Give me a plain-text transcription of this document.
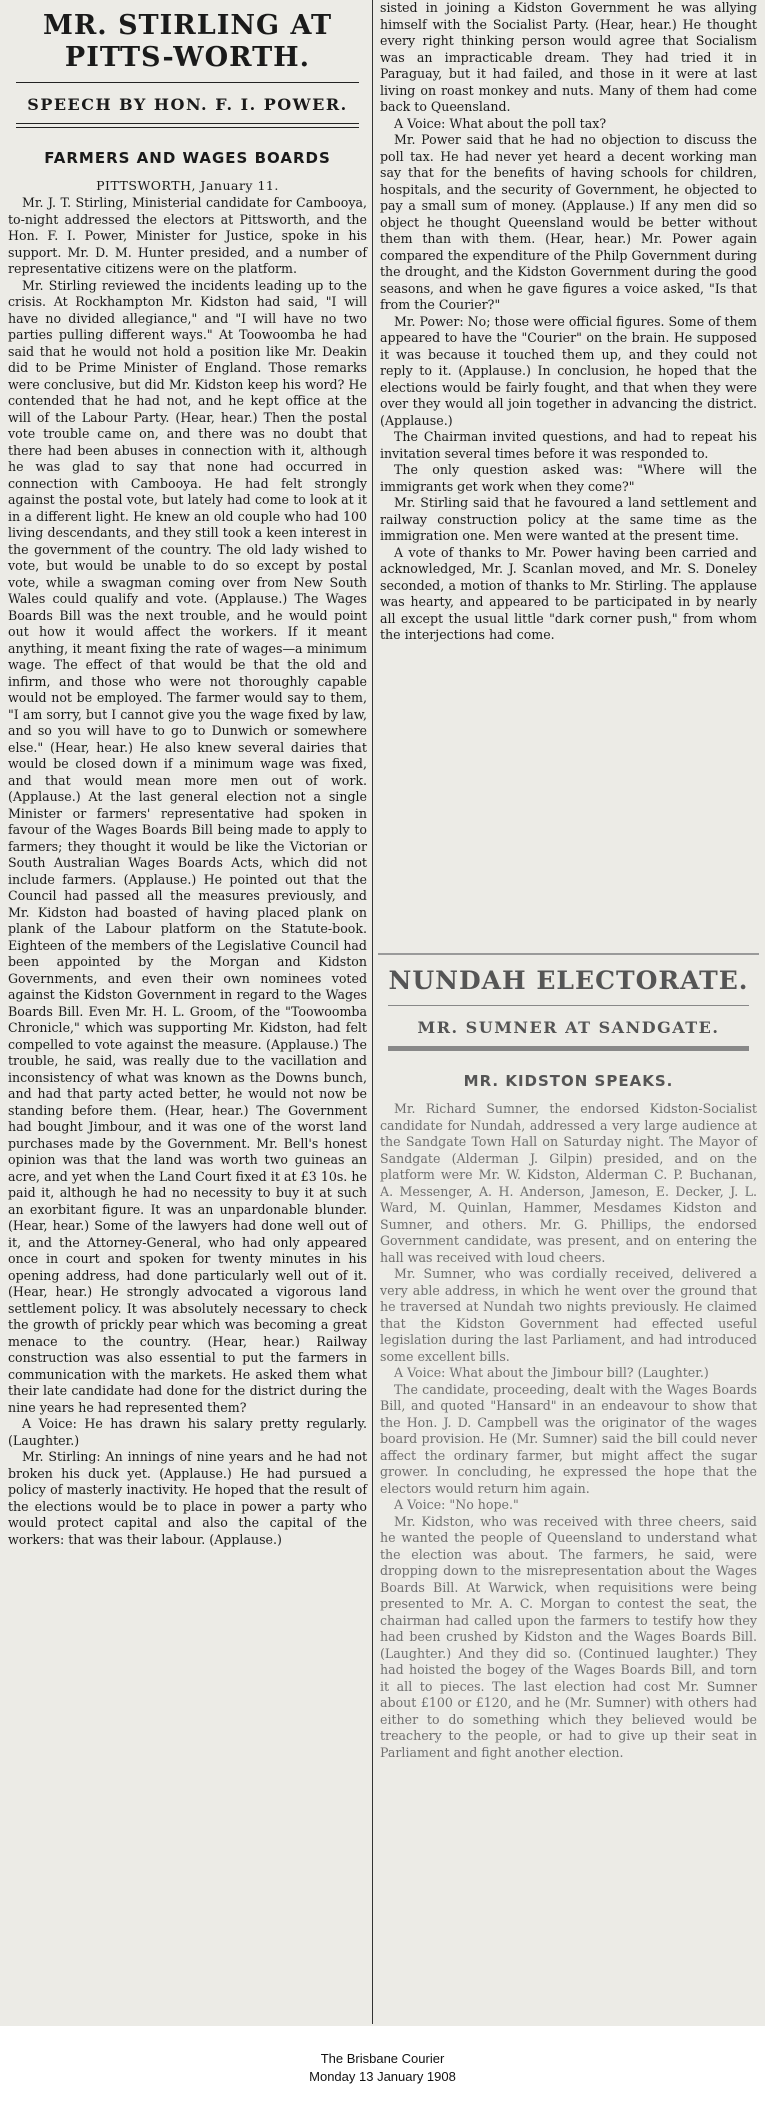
MR. STIRLING AT PITTS-WORTH.
SPEECH BY HON. F. I. POWER.
FARMERS AND WAGES BOARDS
PITTSWORTH, January 11.

Mr. J. T. Stirling, Ministerial candidate for Cambooya, to-night addressed the electors at Pittsworth, and the Hon. F. I. Power, Minister for Justice, spoke in his support. Mr. D. M. Hunter presided, and a number of representative citizens were on the platform.

Mr. Stirling reviewed the incidents leading up to the crisis. At Rockhampton Mr. Kidston had said, "I will have no divided allegiance," and "I will have no two parties pulling different ways." At Toowoomba he had said that he would not hold a position like Mr. Deakin did to be Prime Minister of England. Those remarks were conclusive, but did Mr. Kidston keep his word? He contended that he had not, and he kept office at the will of the Labour Party. (Hear, hear.) Then the postal vote trouble came on, and there was no doubt that there had been abuses in connection with it, although he was glad to say that none had occurred in connection with Cambooya. He had felt strongly against the postal vote, but lately had come to look at it in a different light. He knew an old couple who had 100 living descendants, and they still took a keen interest in the government of the country. The old lady wished to vote, but would be unable to do so except by postal vote, while a swagman coming over from New South Wales could qualify and vote. (Applause.) The Wages Boards Bill was the next trouble, and he would point out how it would affect the workers. If it meant anything, it meant fixing the rate of wages—a minimum wage. The effect of that would be that the old and infirm, and those who were not thoroughly capable would not be employed. The farmer would say to them, "I am sorry, but I cannot give you the wage fixed by law, and so you will have to go to Dunwich or somewhere else." (Hear, hear.) He also knew several dairies that would be closed down if a minimum wage was fixed, and that would mean more men out of work. (Applause.) At the last general election not a single Minister or farmers' representative had spoken in favour of the Wages Boards Bill being made to apply to farmers; they thought it would be like the Victorian or South Australian Wages Boards Acts, which did not include farmers. (Applause.) He pointed out that the Council had passed all the measures previously, and Mr. Kidston had boasted of having placed plank on plank of the Labour platform on the Statute-book. Eighteen of the members of the Legislative Council had been appointed by the Morgan and Kidston Governments, and even their own nominees voted against the Kidston Government in regard to the Wages Boards Bill. Even Mr. H. L. Groom, of the "Toowoomba Chronicle," which was supporting Mr. Kidston, had felt compelled to vote against the measure. (Applause.) The trouble, he said, was really due to the vacillation and inconsistency of what was known as the Downs bunch, and had that party acted better, he would not now be standing before them. (Hear, hear.) The Government had bought Jimbour, and it was one of the worst land purchases made by the Government. Mr. Bell's honest opinion was that the land was worth two guineas an acre, and yet when the Land Court fixed it at £3 10s. he paid it, although he had no necessity to buy it at such an exorbitant figure. It was an unpardonable blunder. (Hear, hear.) Some of the lawyers had done well out of it, and the Attorney-General, who had only appeared once in court and spoken for twenty minutes in his opening address, had done particularly well out of it. (Hear, hear.) He strongly advocated a vigorous land settlement policy. It was absolutely necessary to check the growth of prickly pear which was becoming a great menace to the country. (Hear, hear.) Railway construction was also essential to put the farmers in communication with the markets. He asked them what their late candidate had done for the district during the nine years he had represented them?

A Voice: He has drawn his salary pretty regularly. (Laughter.)

Mr. Stirling: An innings of nine years and he had not broken his duck yet. (Applause.) He had pursued a policy of masterly inactivity. He hoped that the result of the elections would be to place in power a party who would protect capital and also the capital of the workers: that was their labour. (Applause.)

sisted in joining a Kidston Government he was allying himself with the Socialist Party. (Hear, hear.) He thought every right thinking person would agree that Socialism was an impracticable dream. They had tried it in Paraguay, but it had failed, and those in it were at last living on roast monkey and nuts. Many of them had come back to Queensland.

A Voice: What about the poll tax?

Mr. Power said that he had no objection to discuss the poll tax. He had never yet heard a decent working man say that for the benefits of having schools for children, hospitals, and the security of Government, he objected to pay a small sum of money. (Applause.) If any men did so object he thought Queensland would be better without them than with them. (Hear, hear.) Mr. Power again compared the expenditure of the Philp Government during the drought, and the Kidston Government during the good seasons, and when he gave figures a voice asked, "Is that from the Courier?"

Mr. Power: No; those were official figures. Some of them appeared to have the "Courier" on the brain. He supposed it was because it touched them up, and they could not reply to it. (Applause.) In conclusion, he hoped that the elections would be fairly fought, and that when they were over they would all join together in advancing the district. (Applause.)

The Chairman invited questions, and had to repeat his invitation several times before it was responded to.

The only question asked was: "Where will the immigrants get work when they come?"

Mr. Stirling said that he favoured a land settlement and railway construction policy at the same time as the immigration one. Men were wanted at the present time.

A vote of thanks to Mr. Power having been carried and acknowledged, Mr. J. Scanlan moved, and Mr. S. Doneley seconded, a motion of thanks to Mr. Stirling. The applause was hearty, and appeared to be participated in by nearly all except the usual little "dark corner push," from whom the interjections had come.

NUNDAH ELECTORATE.
MR. SUMNER AT SANDGATE.
MR. KIDSTON SPEAKS.

Mr. Richard Sumner, the endorsed Kidston-Socialist candidate for Nundah, addressed a very large audience at the Sandgate Town Hall on Saturday night. The Mayor of Sandgate (Alderman J. Gilpin) presided, and on the platform were Mr. W. Kidston, Alderman C. P. Buchanan, A. Messenger, A. H. Anderson, Jameson, E. Decker, J. L. Ward, M. Quinlan, Hammer, Mesdames Kidston and Sumner, and others. Mr. G. Phillips, the endorsed Government candidate, was present, and on entering the hall was received with loud cheers.

Mr. Sumner, who was cordially received, delivered a very able address, in which he went over the ground that he traversed at Nundah two nights previously. He claimed that the Kidston Government had effected useful legislation during the last Parliament, and had introduced some excellent bills.

A Voice: What about the Jimbour bill? (Laughter.)

The candidate, proceeding, dealt with the Wages Boards Bill, and quoted "Hansard" in an endeavour to show that the Hon. J. D. Campbell was the originator of the wages board provision. He (Mr. Sumner) said the bill could never affect the ordinary farmer, but might affect the sugar grower. In concluding, he expressed the hope that the electors would return him again.

A Voice: "No hope."

Mr. Kidston, who was received with three cheers, said he wanted the people of Queensland to understand what the election was about. The farmers, he said, were dropping down to the misrepresentation about the Wages Boards Bill. At Warwick, when requisitions were being presented to Mr. A. C. Morgan to contest the seat, the chairman had called upon the farmers to testify how they had been crushed by Kidston and the Wages Boards Bill. (Laughter.) And they did so. (Continued laughter.) They had hoisted the bogey of the Wages Boards Bill, and torn it all to pieces. The last election had cost Mr. Sumner about £100 or £120, and he (Mr. Sumner) with others had either to do something which they believed would be treachery to the people, or had to give up their seat in Parliament and fight another election.

The Brisbane Courier
Monday 13 January 1908
